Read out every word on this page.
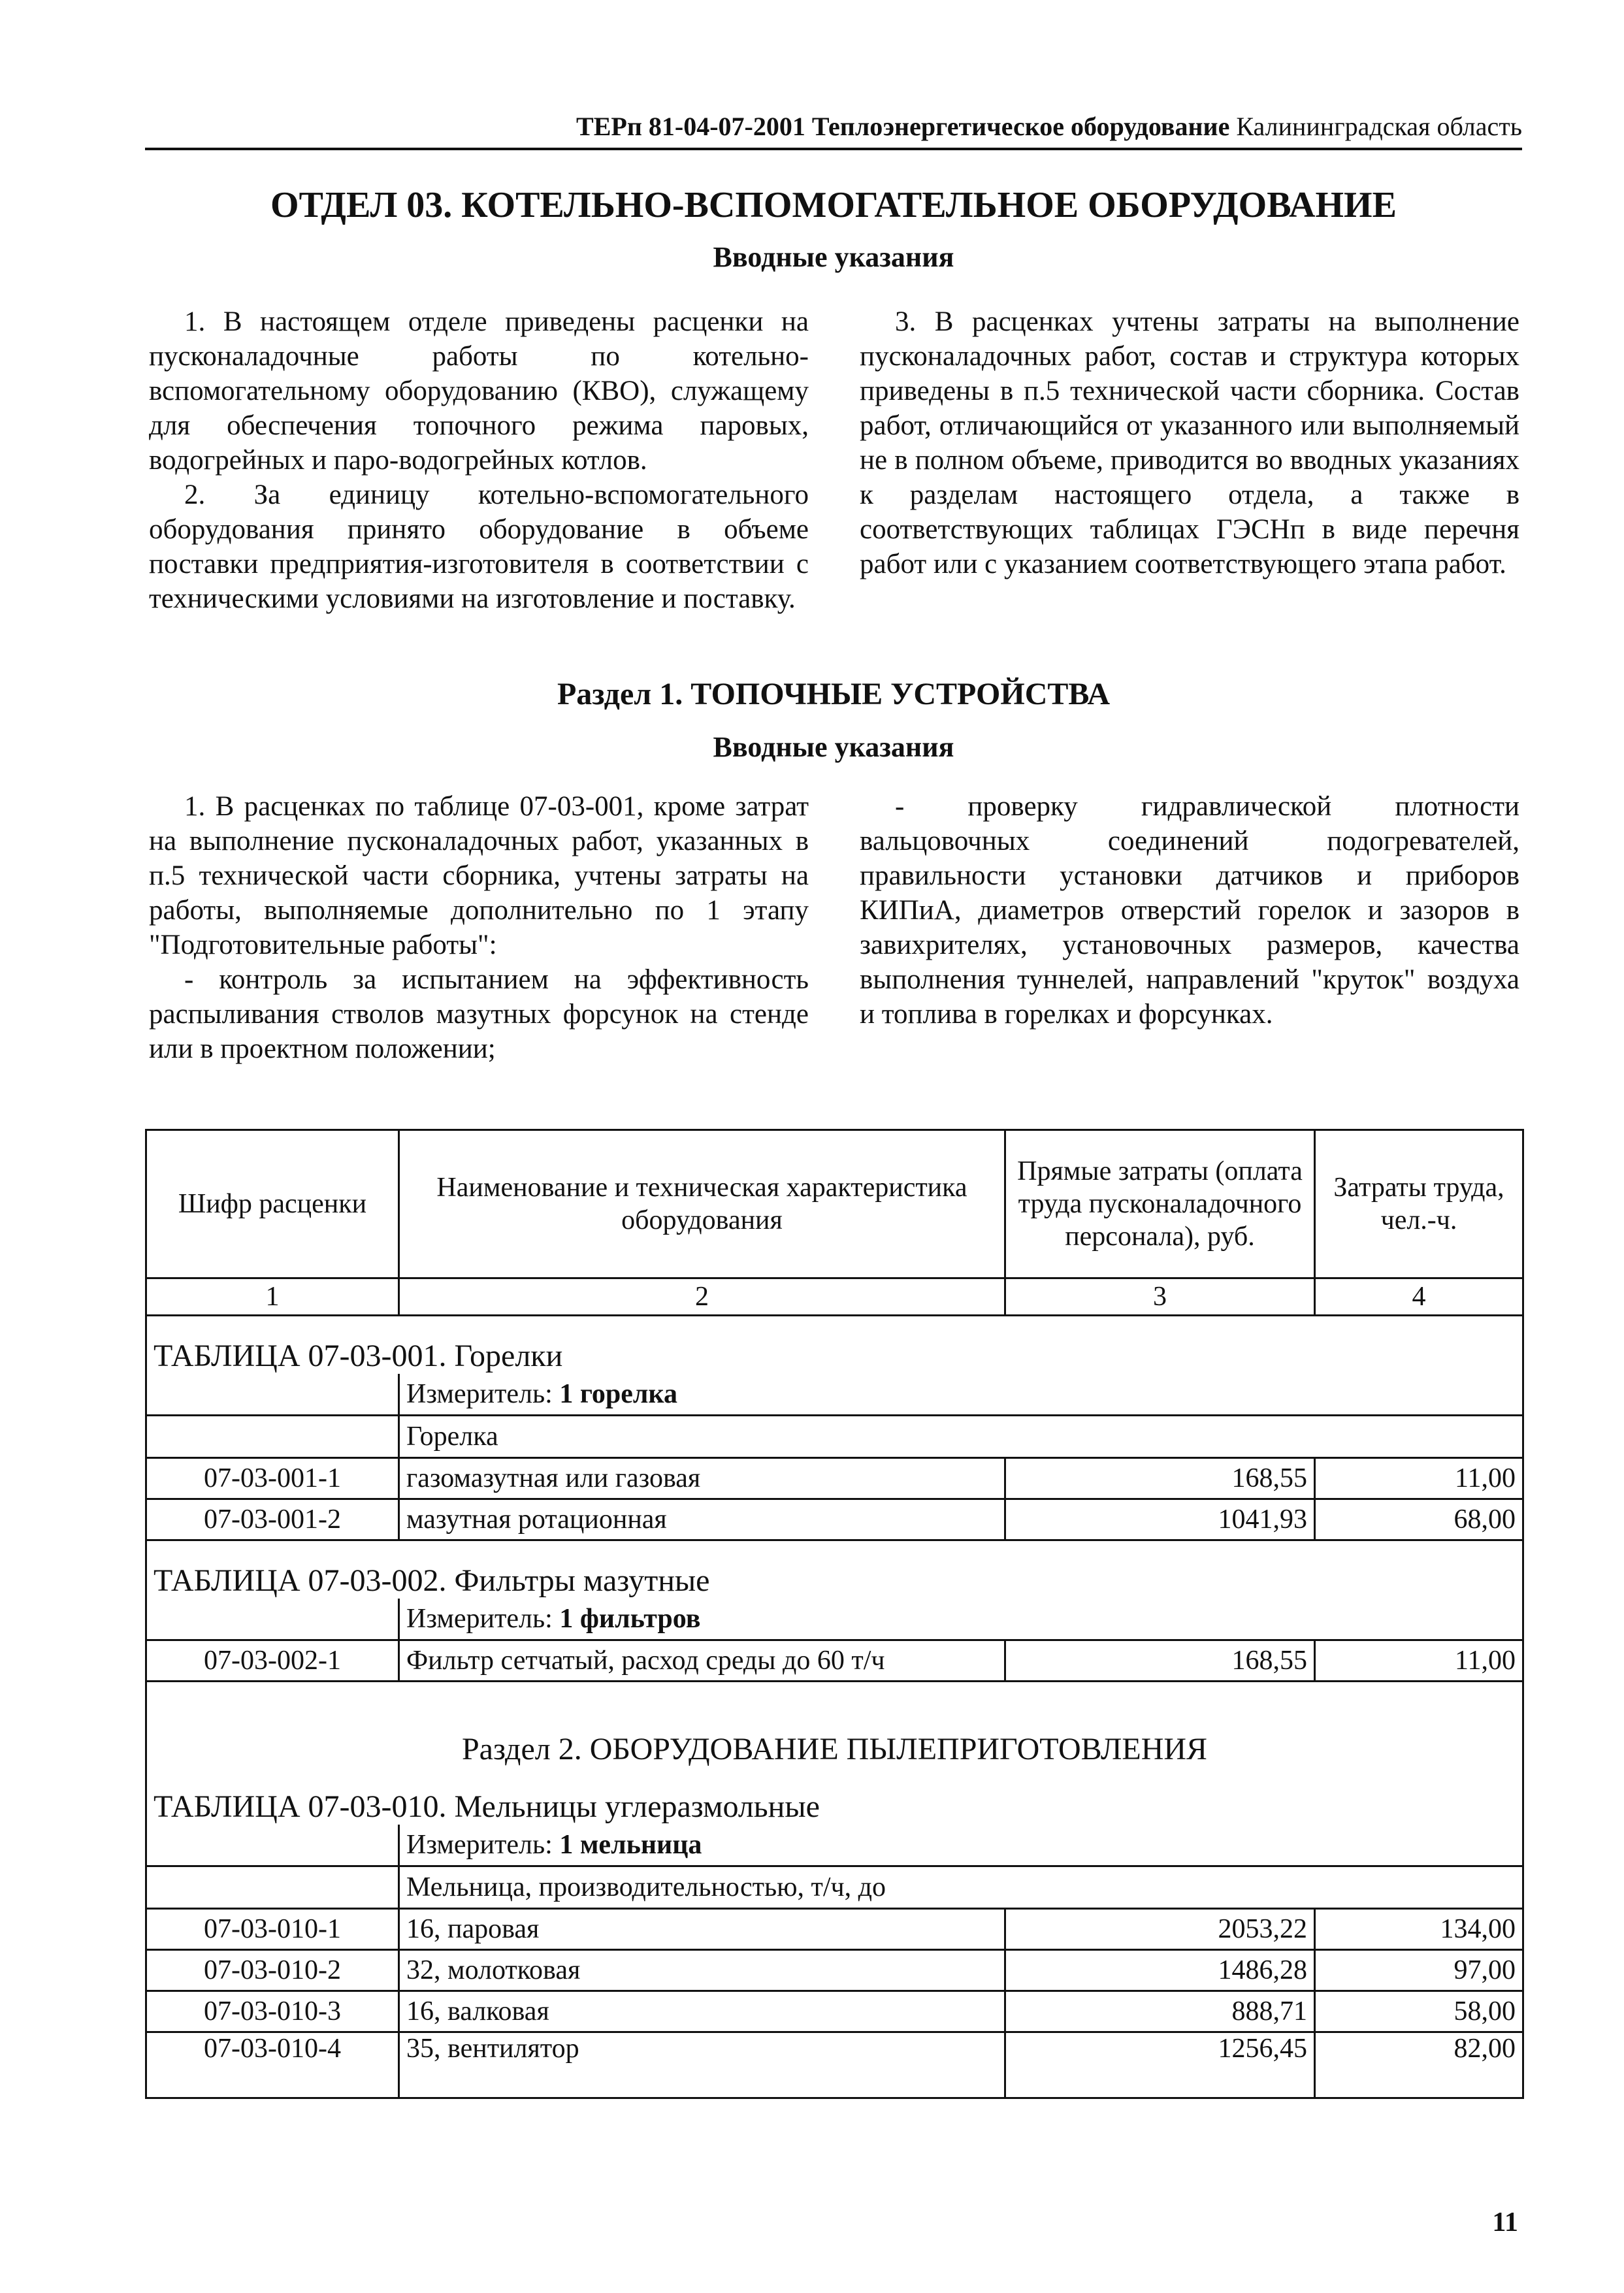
ТЕРп 81-04-07-2001 Теплоэнергетическое оборудование Калининградская область
ОТДЕЛ 03. КОТЕЛЬНО-ВСПОМОГАТЕЛЬНОЕ ОБОРУДОВАНИЕ
Вводные указания

1. В настоящем отделе приведены расценки на пусконаладочные работы по котельно-вспомогательному оборудованию (КВО), служащему для обеспечения топочного режима паровых, водогрейных и паро-водогрейных котлов.

2. За единицу котельно-вспомогательного оборудования принято оборудование в объеме поставки предприятия-изготовителя в соответствии с техническими условиями на изготовление и поставку.

3. В расценках учтены затраты на выполнение пусконаладочных работ, состав и структура которых приведены в п.5 технической части сборника. Состав работ, отличающийся от указанного или выполняемый не в полном объеме, приводится во вводных указаниях к разделам настоящего отдела, а также в соответствующих таблицах ГЭСНп в виде перечня работ или с указанием соответствующего этапа работ.

Раздел 1. ТОПОЧНЫЕ УСТРОЙСТВА
Вводные указания

1. В расценках по таблице 07-03-001, кроме затрат на выполнение пусконаладочных работ, указанных в п.5 технической части сборника, учтены затраты на работы, выполняемые дополнительно по 1 этапу "Подготовительные работы":

- контроль за испытанием на эффективность распыливания стволов мазутных форсунок на стенде или в проектном положении;

- проверку гидравлической плотности вальцовочных соединений подогревателей, правильности установки датчиков и приборов КИПиА, диаметров отверстий горелок и зазоров в завихрителях, установочных размеров, качества выполнения туннелей, направлений "круток" воздуха и топлива в горелках и форсунках.

Шифр расценки	Наименование и техническая характеристика оборудования	Прямые затраты (оплата труда пусконаладочного персонала), руб.	Затраты труда, чел.-ч.
1	2	3	4
ТАБЛИЦА 07-03-001. Горелки			
	Измеритель: 1 горелка		
	Горелка		
07-03-001-1	газомазутная или газовая	168,55	11,00
07-03-001-2	мазутная ротационная	1041,93	68,00
ТАБЛИЦА 07-03-002. Фильтры мазутные			
	Измеритель: 1 фильтров		
07-03-002-1	Фильтр сетчатый, расход среды до 60 т/ч	168,55	11,00
Раздел 2. ОБОРУДОВАНИЕ ПЫЛЕПРИГОТОВЛЕНИЯ			
ТАБЛИЦА 07-03-010. Мельницы углеразмольные			
	Измеритель: 1 мельница		
	Мельница, производительностью, т/ч, до		
07-03-010-1	16, паровая	2053,22	134,00
07-03-010-2	32, молотковая	1486,28	97,00
07-03-010-3	16, валковая	888,71	58,00
07-03-010-4	35, вентилятор	1256,45	82,00
11
